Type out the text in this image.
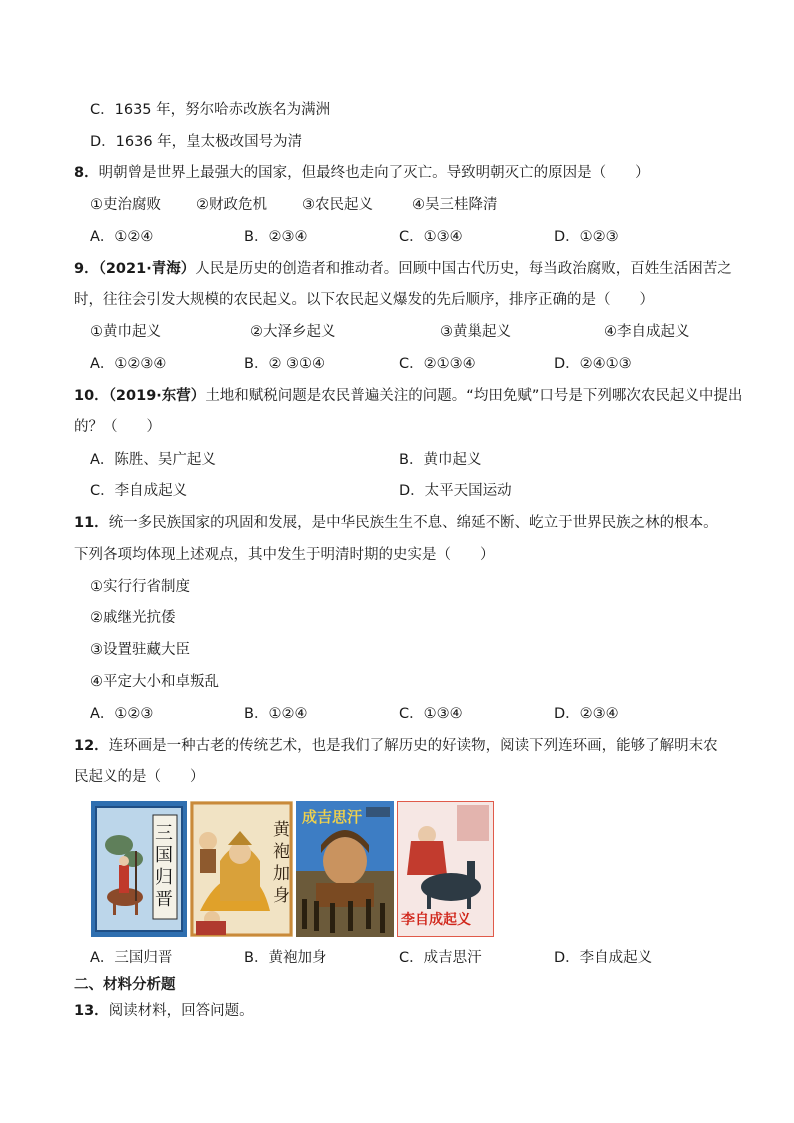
C．1635 年，努尔哈赤改族名为满洲
D．1636 年，皇太极改国号为清
8．明朝曾是世界上最强大的国家，但最终也走向了灭亡。导致明朝灭亡的原因是（　　）
①吏治腐败 ②财政危机 ③农民起义	④吴三桂降清
A．①②④	B．②③④	C．①③④	D．①②③
9．（2021·青海）人民是历史的创造者和推动者。回顾中国古代历史，每当政治腐败，百姓生活困苦之
时，往往会引发大规模的农民起义。以下农民起义爆发的先后顺序，排序正确的是（　　）
①黄巾起义	②大泽乡起义	③黄巢起义	④李自成起义
A．①②③④	B．② ③①④	C．②①③④	D．②④①③
10．（2019·东营）土地和赋税问题是农民普遍关注的问题。“均田免赋”口号是下列哪次农民起义中提出
的？（　　）
A．陈胜、吴广起义	B．黄巾起义
C．李自成起义	D．太平天国运动
11．统一多民族国家的巩固和发展，是中华民族生生不息、绵延不断、屹立于世界民族之林的根本。
下列各项均体现上述观点，其中发生于明清时期的史实是（　　）
①实行行省制度
②戚继光抗倭
③设置驻藏大臣
④平定大小和卓叛乱
A．①②③	B．①②④	C．①③④	D．②③④
12．连环画是一种古老的传统艺术，也是我们了解历史的好读物，阅读下列连环画，能够了解明末农
民起义的是（　　）
三国归晋
黄袍加身
成吉思汗
李自成起义
A．三国归晋	B．黄袍加身	C．成吉思汗	D．李自成起义
二、材料分析题
13．阅读材料，回答问题。
